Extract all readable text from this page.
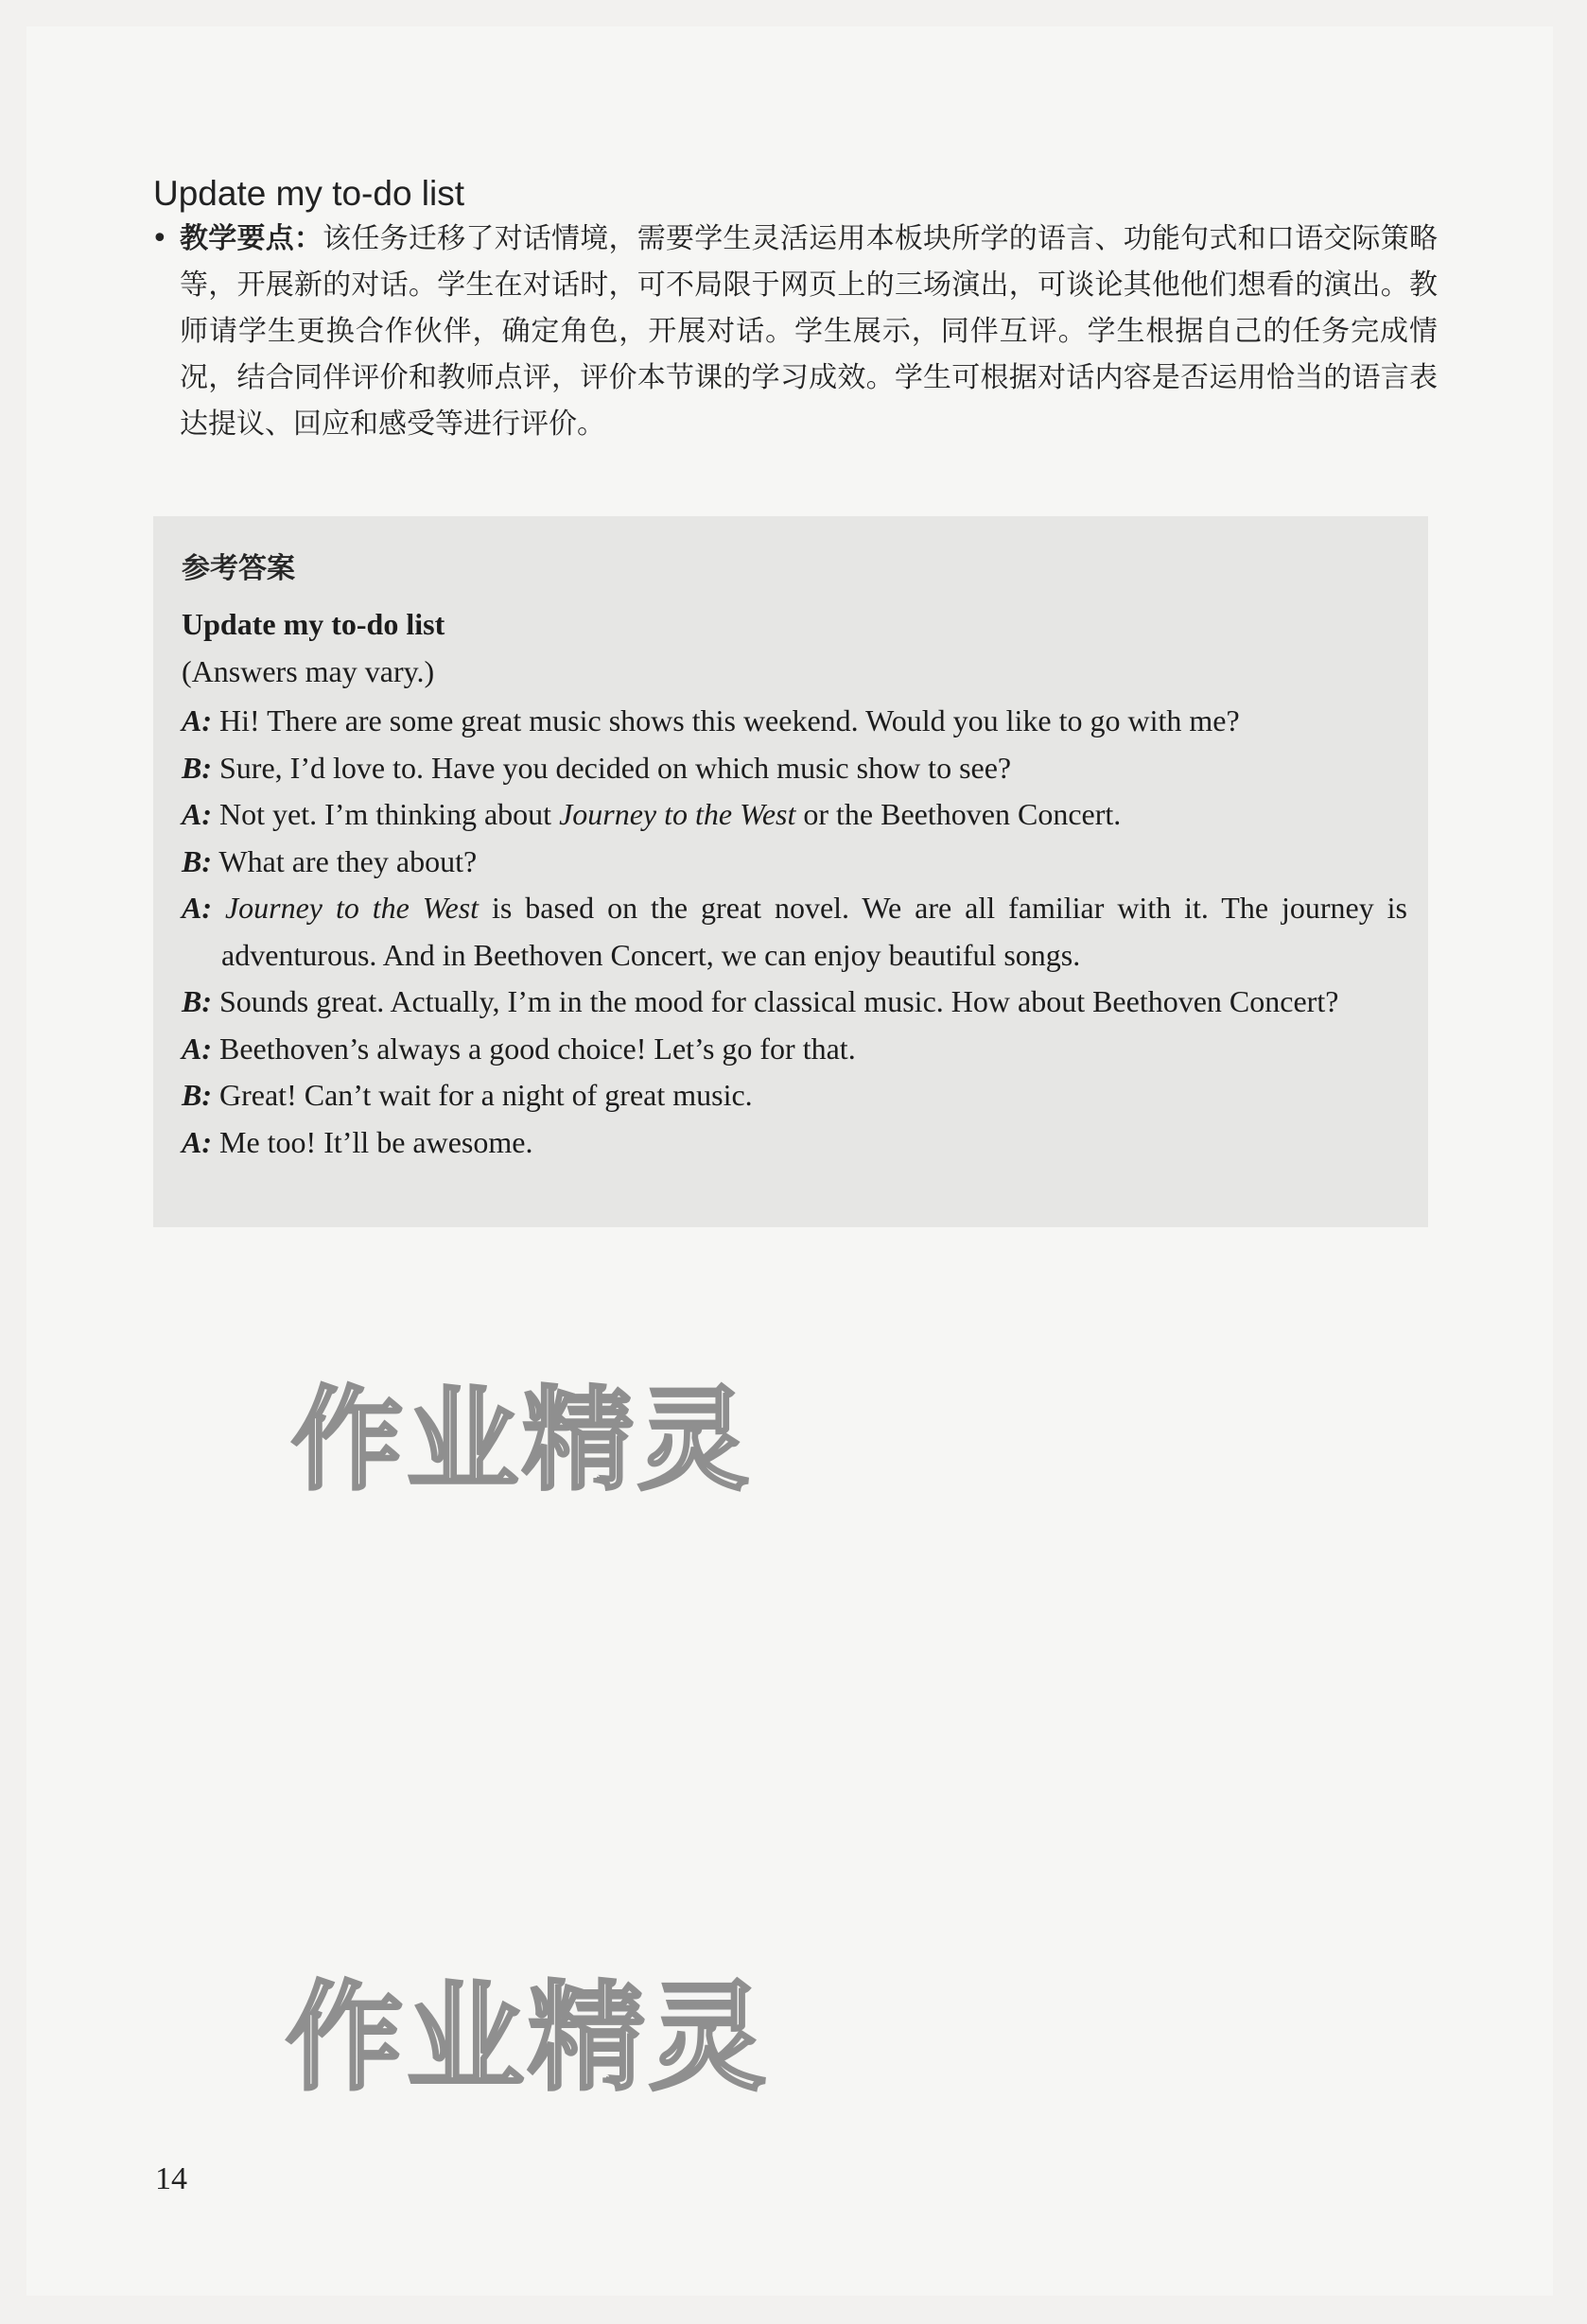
Update my to-do list
• 教学要点：该任务迁移了对话情境，需要学生灵活运用本板块所学的语言、功能句式和口语交际策略等，开展新的对话。学生在对话时，可不局限于网页上的三场演出，可谈论其他他们想看的演出。教师请学生更换合作伙伴，确定角色，开展对话。学生展示，同伴互评。学生根据自己的任务完成情况，结合同伴评价和教师点评，评价本节课的学习成效。学生可根据对话内容是否运用恰当的语言表达提议、回应和感受等进行评价。
参考答案
Update my to-do list
(Answers may vary.)
A: Hi! There are some great music shows this weekend. Would you like to go with me?
B: Sure, I’d love to. Have you decided on which music show to see?
A: Not yet. I’m thinking about Journey to the West or the Beethoven Concert.
B: What are they about?
A: Journey to the West is based on the great novel. We are all familiar with it. The journey is adventurous. And in Beethoven Concert, we can enjoy beautiful songs.
B: Sounds great. Actually, I’m in the mood for classical music. How about Beethoven Concert?
A: Beethoven’s always a good choice! Let’s go for that.
B: Great! Can’t wait for a night of great music.
A: Me too! It’ll be awesome.
作业精灵
作业精灵
14
